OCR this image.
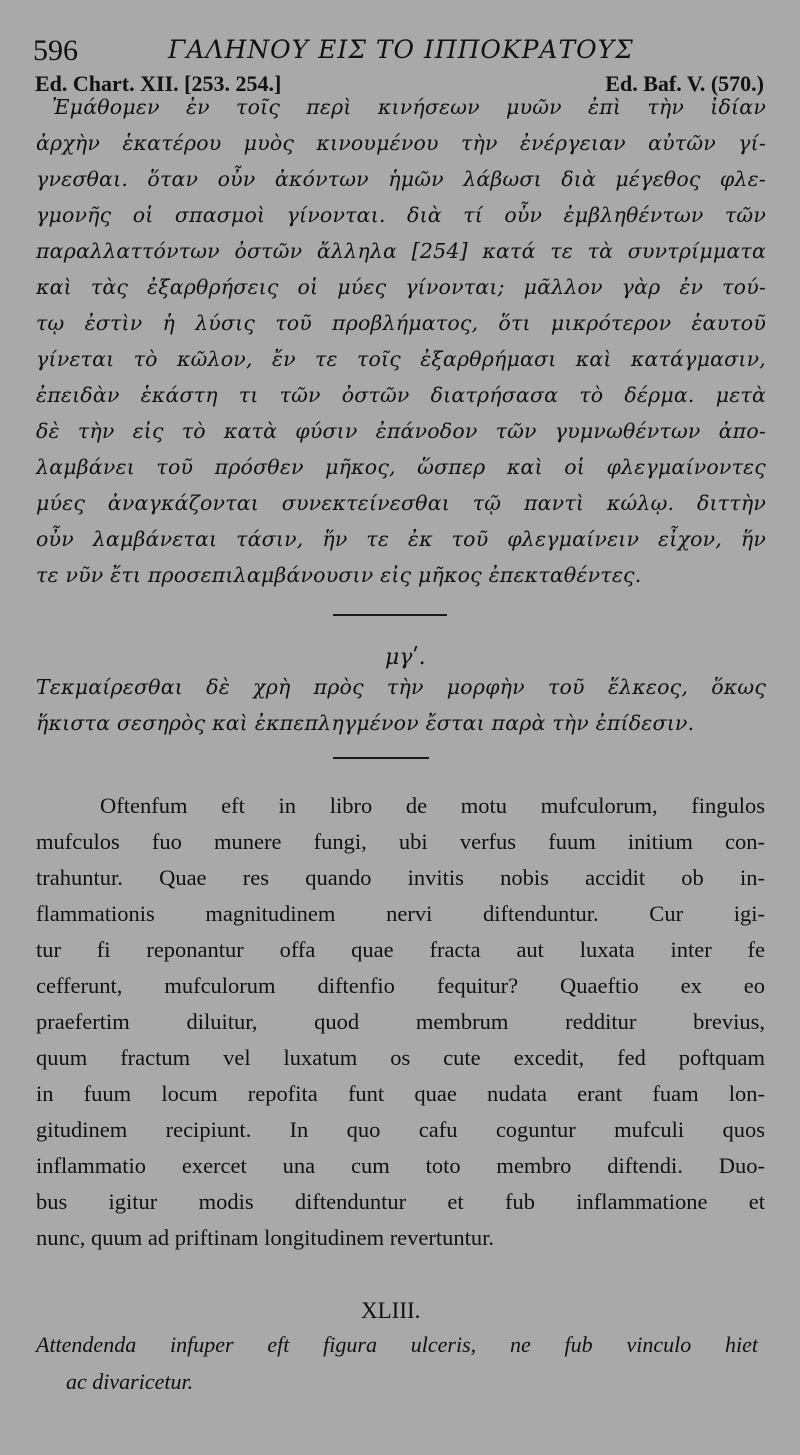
596	ΓΑΛΗΝΟΥ ΕΙΣ ΤΟ ΙΠΠΟΚΡΑΤΟΥΣ
Ed. Chart. XII. [253. 254.]	Ed. Baf. V. (570.)
Ἐμάθομεν ἐν τοῖς περὶ κινήσεων μυῶν ἐπὶ τὴν ἰδίαν
ἀρχὴν ἑκατέρου μυὸς κινουμένου τὴν ἐνέργειαν αὐτῶν γί-
γνεσθαι. ὅταν οὖν ἀκόντων ἡμῶν λάβωσι διὰ μέγεθος φλε-
γμονῆς οἱ σπασμοὶ γίνονται. διὰ τί οὖν ἐμβληθέντων τῶν
παραλλαττόντων ὀστῶν ἄλληλα [254] κατά τε τὰ συντρίμματα
καὶ τὰς ἐξαρθρήσεις οἱ μύες γίνονται; μᾶλλον γὰρ ἐν τού-
τῳ ἐστὶν ἡ λύσις τοῦ προβλήματος, ὅτι μικρότερον ἑαυτοῦ
γίνεται τὸ κῶλον, ἔν τε τοῖς ἐξαρθρήμασι καὶ κατάγμασιν,
ἐπειδὰν ἑκάστη τι τῶν ὀστῶν διατρήσασα τὸ δέρμα. μετὰ
δὲ τὴν εἰς τὸ κατὰ φύσιν ἐπάνοδον τῶν γυμνωθέντων ἀπο-
λαμβάνει τοῦ πρόσθεν μῆκος, ὥσπερ καὶ οἱ φλεγμαίνοντες
μύες ἀναγκάζονται συνεκτείνεσθαι τῷ παντὶ κώλῳ. διττὴν
οὖν λαμβάνεται τάσιν, ἥν τε ἐκ τοῦ φλεγμαίνειν εἶχον, ἥν
τε νῦν ἔτι προσεπιλαμβάνουσιν εἰς μῆκος ἐπεκταθέντες.
μγʹ.
Τεκμαίρεσθαι δὲ χρὴ πρὸς τὴν μορφὴν τοῦ ἕλκεος, ὅκως
ἥκιστα σεσηρὸς καὶ ἐκπεπληγμένον ἔσται παρὰ τὴν ἐπίδεσιν.
Oftenfum eft in libro de motu mufculorum, fingulos
mufculos fuo munere fungi, ubi verfus fuum initium con-
trahuntur. Quae res quando invitis nobis accidit ob in-
flammationis magnitudinem nervi diftenduntur. Cur igi-
tur fi reponantur offa quae fracta aut luxata inter fe
cefferunt, mufculorum diftenfio fequitur? Quaeftio ex eo
praefertim diluitur, quod membrum redditur brevius,
quum fractum vel luxatum os cute excedit, fed poftquam
in fuum locum repofita funt quae nudata erant fuam lon-
gitudinem recipiunt. In quo cafu coguntur mufculi quos
inflammatio exercet una cum toto membro diftendi. Duo-
bus igitur modis diftenduntur et fub inflammatione et
nunc, quum ad priftinam longitudinem revertuntur.
XLIII.
Attendenda infuper eft figura ulceris, ne fub vinculo hiet
ac divaricetur.
